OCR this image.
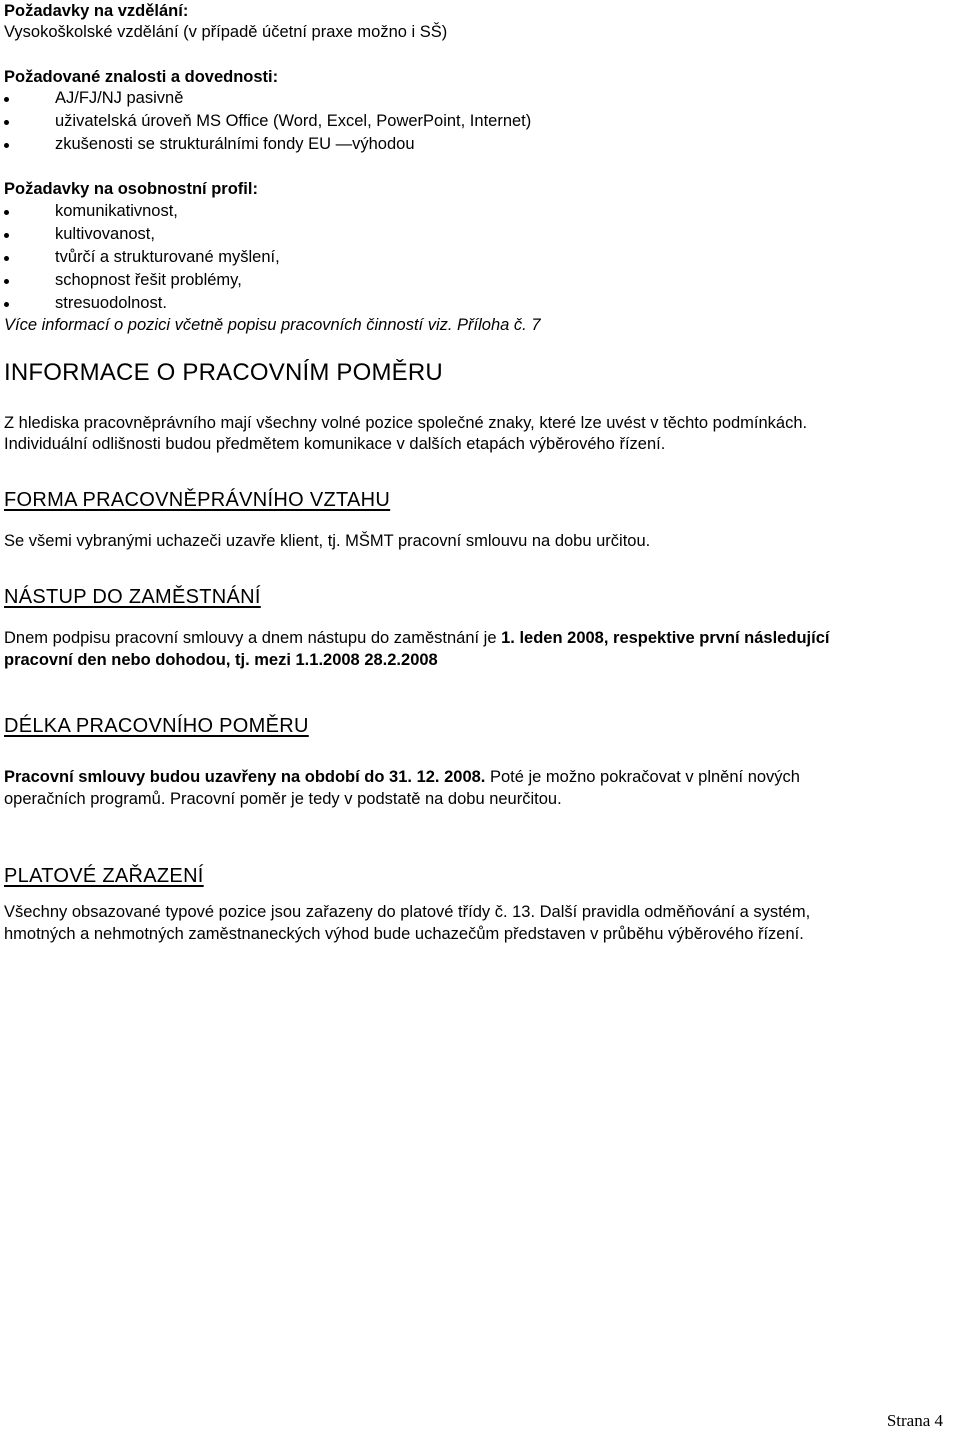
Požadavky na vzdělání:
Vysokoškolské vzdělání (v případě účetní praxe možno i SŠ)
Požadované znalosti a dovednosti:
AJ/FJ/NJ pasivně
uživatelská úroveň MS Office (Word, Excel, PowerPoint, Internet)
zkušenosti se strukturálními fondy EU —výhodou
Požadavky na osobnostní profil:
komunikativnost,
kultivovanost,
tvůrčí a strukturované myšlení,
schopnost řešit problémy,
stresuodolnost.
Více informací o pozici včetně popisu pracovních činností viz. Příloha č. 7
INFORMACE O PRACOVNÍM POMĚRU
Z hlediska pracovněprávního mají všechny volné pozice společné znaky, které lze uvést v těchto podmínkách.
Individuální odlišnosti budou předmětem komunikace v dalších etapách výběrového řízení.
FORMA PRACOVNĚPRÁVNÍHO VZTAHU
Se všemi vybranými uchazeči uzavře klient, tj. MŠMT pracovní smlouvu na dobu určitou.
NÁSTUP DO ZAMĚSTNÁNÍ
Dnem podpisu pracovní smlouvy a dnem nástupu do zaměstnání je 1. leden 2008, respektive první následující
pracovní den nebo dohodou, tj. mezi 1.1.2008 28.2.2008
DÉLKA PRACOVNÍHO POMĚRU
Pracovní smlouvy budou uzavřeny na období do 31. 12. 2008. Poté je možno pokračovat v plnění nových
operačních programů. Pracovní poměr je tedy v podstatě na dobu neurčitou.
PLATOVÉ ZAŘAZENÍ
Všechny obsazované typové pozice jsou zařazeny do platové třídy č. 13. Další pravidla odměňování a systém,
hmotných a nehmotných zaměstnaneckých výhod bude uchazečům představen v průběhu výběrového řízení.
Strana 4
